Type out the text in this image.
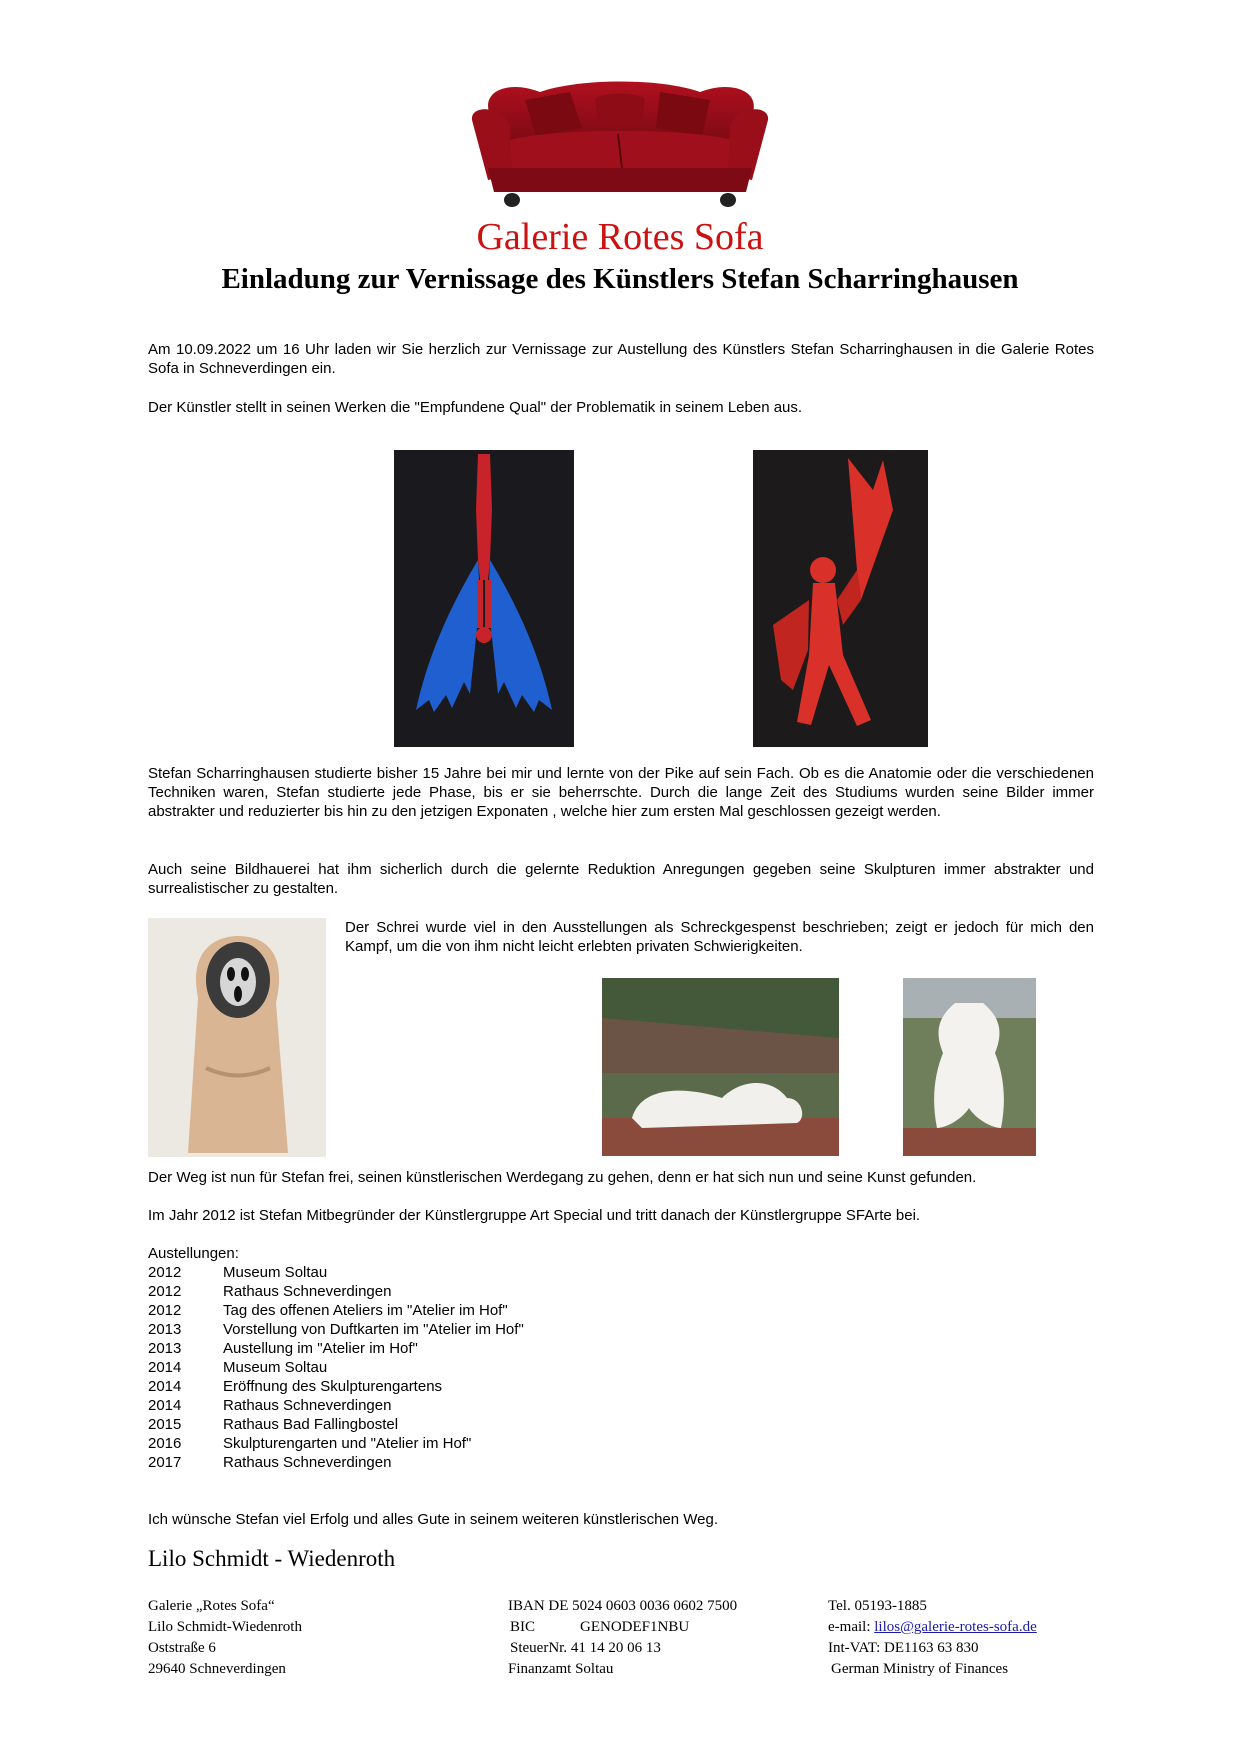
Galerie Rotes Sofa
Einladung zur Vernissage des Künstlers Stefan Scharringhausen
Am 10.09.2022 um 16 Uhr laden wir Sie herzlich zur Vernissage zur Austellung des Künstlers Stefan Scharringhausen in die Galerie Rotes Sofa in Schneverdingen ein.
Der Künstler stellt in seinen Werken die "Empfundene Qual" der Problematik in seinem Leben aus.
Stefan Scharringhausen studierte bisher 15 Jahre bei mir und lernte von der Pike auf sein Fach. Ob es die Anatomie oder die verschiedenen Techniken waren, Stefan studierte jede Phase, bis er sie beherrschte. Durch die lange Zeit des Studiums wurden seine Bilder immer abstrakter und reduzierter bis hin zu den jetzigen Exponaten , welche hier zum ersten Mal geschlossen gezeigt werden.
Auch seine Bildhauerei hat ihm sicherlich durch die gelernte Reduktion Anregungen gegeben seine Skulpturen immer abstrakter und surrealistischer zu gestalten.
Der Schrei wurde viel in den Ausstellungen als Schreckgespenst beschrieben; zeigt er jedoch für mich den Kampf, um die von ihm nicht leicht erlebten privaten Schwierigkeiten.
Der Weg ist nun für Stefan frei, seinen künstlerischen Werdegang zu gehen, denn er hat sich nun und seine Kunst gefunden.
Im Jahr 2012 ist Stefan Mitbegründer der Künstlergruppe Art Special und tritt danach der Künstlergruppe SFArte bei.
Austellungen:
2012	Museum Soltau
2012	Rathaus Schneverdingen
2012	Tag des offenen Ateliers im "Atelier im Hof"
2013	Vorstellung von Duftkarten im "Atelier im Hof"
2013	Austellung im "Atelier im Hof"
2014	Museum Soltau
2014	Eröffnung des Skulpturengartens
2014	Rathaus Schneverdingen
2015	Rathaus Bad Fallingbostel
2016	Skulpturengarten und "Atelier im Hof"
2017	Rathaus Schneverdingen
Ich wünsche Stefan viel Erfolg und alles Gute in seinem weiteren künstlerischen Weg.
Lilo Schmidt - Wiedenroth
Galerie „Rotes Sofa“
Lilo Schmidt-Wiedenroth
Oststraße 6
29640 Schneverdingen
IBAN DE 5024 0603 0036 0602 7500
BIC	GENODEF1NBU
SteuerNr. 41 14 20 06 13
Finanzamt Soltau
Tel. 05193-1885
e-mail: lilos@galerie-rotes-sofa.de
Int-VAT: DE1163 63 830
German Ministry of Finances
